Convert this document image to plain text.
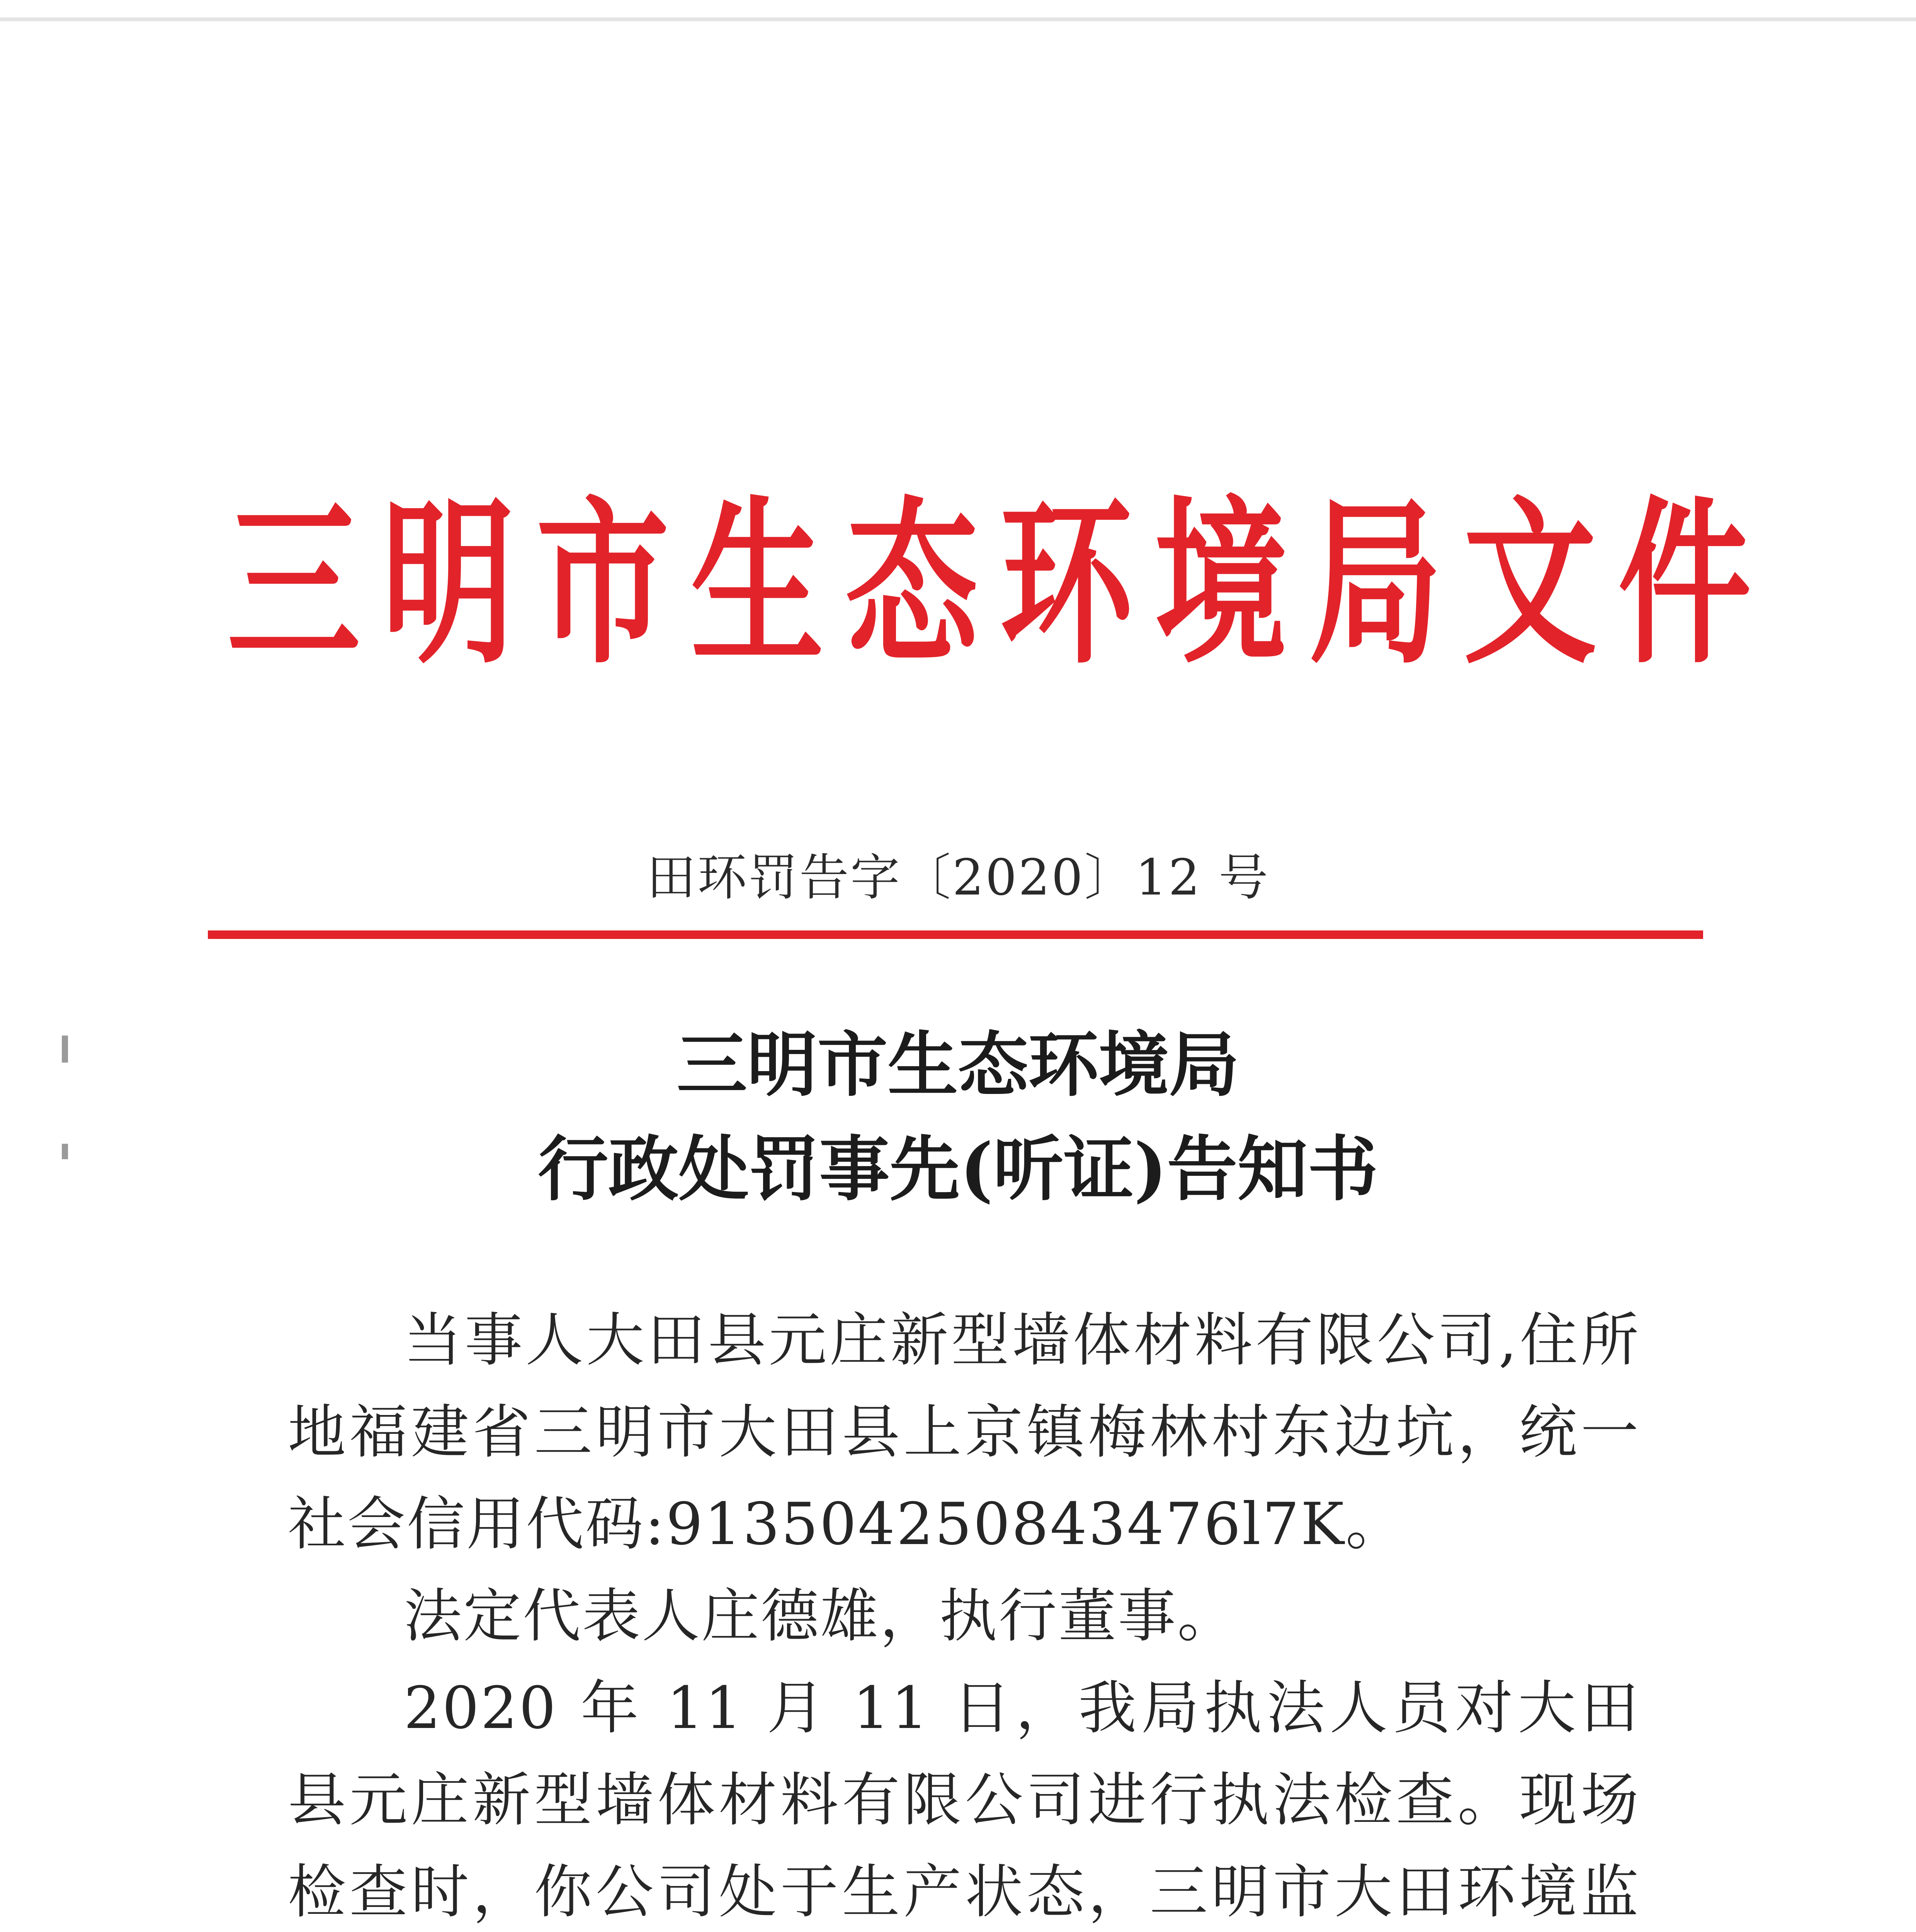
三 明 市 生 态 环 境 局 文 件
田环罚告字〔2020〕12 号
三明市生态环境局
行政处罚事先(听证)告知书

当事人大田县元庄新型墙体材料有限公司,住所地福建省三明市大田县上京镇梅林村东边坑，统一社会信用代码:913504250843476l7K。

法定代表人庄德雄，执行董事。

2020 年 11 月 11 日，我局执法人员对大田县元庄新型墙体材料有限公司进行执法检查。现场检查时，你公司处于生产状态，三明市大田环境监
